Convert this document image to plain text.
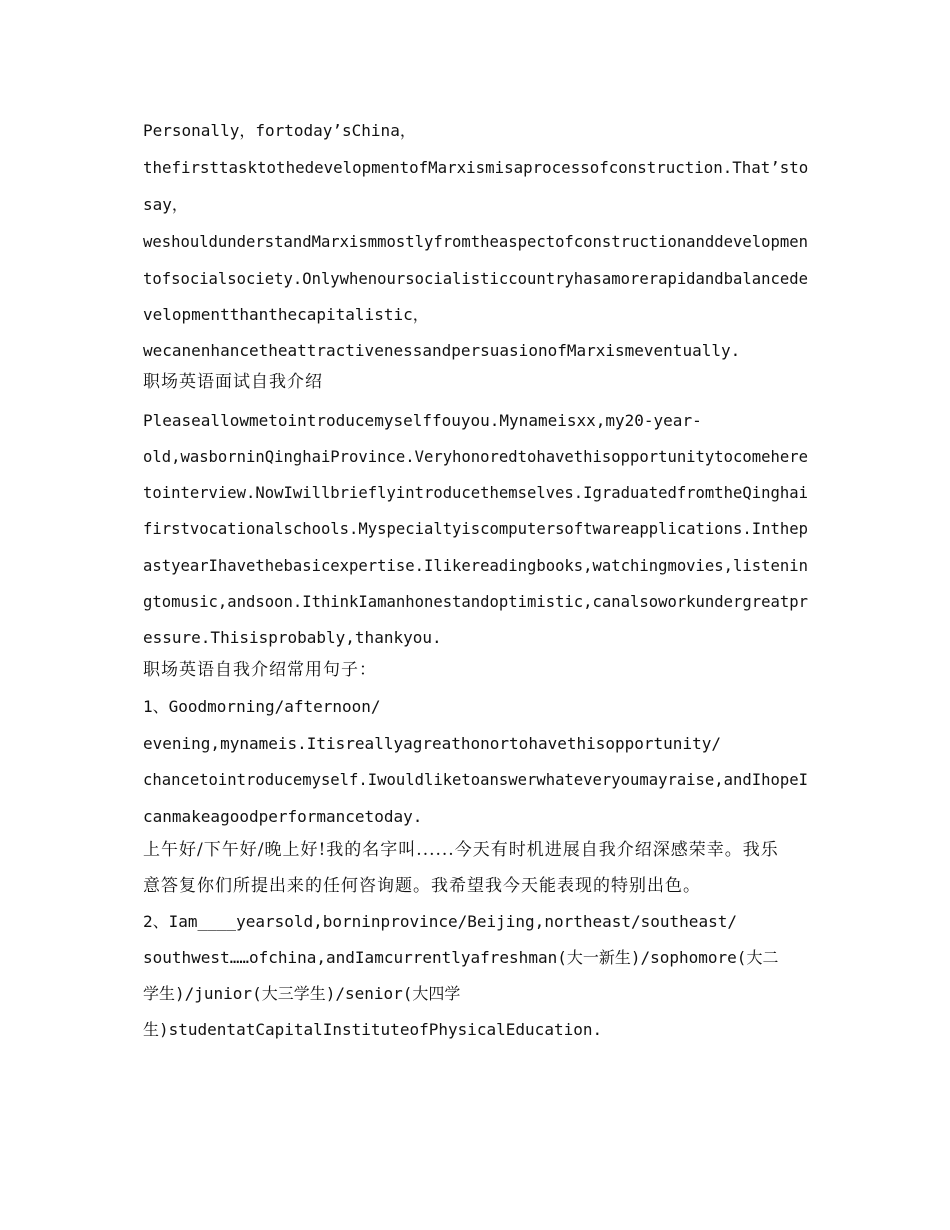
Personally，fortoday’sChina，
thefirsttasktothedevelopmentofMarxismisaprocessofconstruction.That’sto
say，
weshouldunderstandMarxismmostlyfromtheaspectofconstructionanddevelopmen
tofsocialsociety.Onlywhenoursocialisticcountryhasamorerapidandbalancede
velopmentthanthecapitalistic，
wecanenhancetheattractivenessandpersuasionofMarxismeventually.
职场英语面试自我介绍
Pleaseallowmetointroducemyselffouyou.Mynameisxx,my20-year-
old,wasborninQinghaiProvince.Veryhonoredtohavethisopportunitytocomehere
tointerview.NowIwillbrieflyintroducethemselves.IgraduatedfromtheQinghai
firstvocationalschools.Myspecialtyiscomputersoftwareapplications.Inthep
astyearIhavethebasicexpertise.Ilikereadingbooks,watchingmovies,listenin
gtomusic,andsoon.IthinkIamanhonestandoptimistic,canalsoworkundergreatpr
essure.Thisisprobably,thankyou.
职场英语自我介绍常用句子：
1、Goodmorning/afternoon/
evening,mynameis.Itisreallyagreathonortohavethisopportunity/
chancetointroducemyself.Iwouldliketoanswerwhateveryoumayraise,andIhopeI
canmakeagoodperformancetoday.
上午好/下午好/晚上好!我的名字叫......今天有时机进展自我介绍深感荣幸。我乐
意答复你们所提出来的任何咨询题。我希望我今天能表现的特别出色。
2、Iam____yearsold,borninprovince/Beijing,northeast/southeast/
southwest……ofchina,andIamcurrentlyafreshman(大一新生)/sophomore(大二
学生)/junior(大三学生)/senior(大四学
生)studentatCapitalInstituteofPhysicalEducation.
